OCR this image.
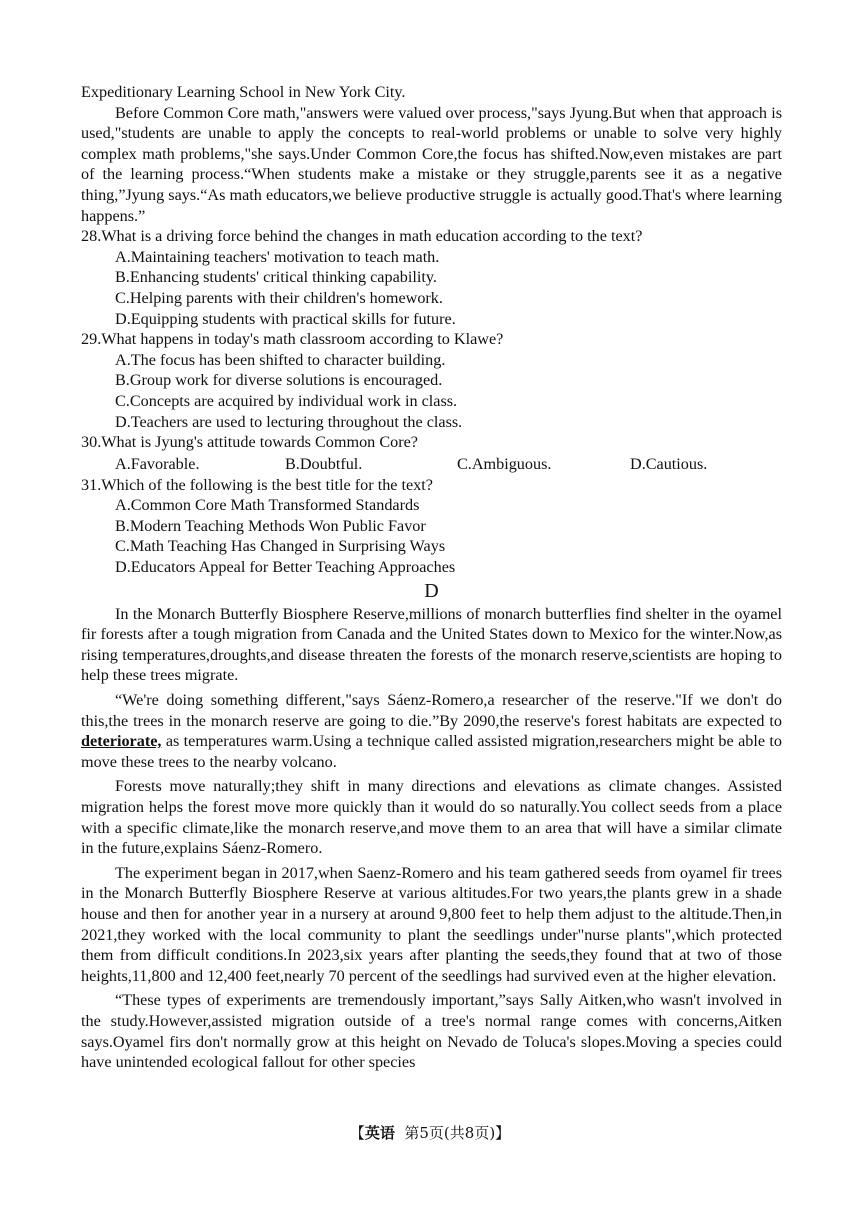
Expeditionary Learning School in New York City.

Before Common Core math,"answers were valued over process,"says Jyung.But when that approach is used,"students are unable to apply the concepts to real-world problems or unable to solve very highly complex math problems,"she says.Under Common Core,the focus has shifted.Now,even mistakes are part of the learning process.“When students make a mistake or they struggle,parents see it as a negative thing,”Jyung says.“As math educators,we believe productive struggle is actually good.That's where learning happens.”

28.What is a driving force behind the changes in math education according to the text?
A.Maintaining teachers' motivation to teach math.
B.Enhancing students' critical thinking capability.
C.Helping parents with their children's homework.
D.Equipping students with practical skills for future.
29.What happens in today's math classroom according to Klawe?
A.The focus has been shifted to character building.
B.Group work for diverse solutions is encouraged.
C.Concepts are acquired by individual work in class.
D.Teachers are used to lecturing throughout the class.
30.What is Jyung's attitude towards Common Core?
A.Favorable.	B.Doubtful.	C.Ambiguous.	D.Cautious.
31.Which of the following is the best title for the text?
A.Common Core Math Transformed Standards
B.Modern Teaching Methods Won Public Favor
C.Math Teaching Has Changed in Surprising Ways
D.Educators Appeal for Better Teaching Approaches
D

In the Monarch Butterfly Biosphere Reserve,millions of monarch butterflies find shelter in the oyamel fir forests after a tough migration from Canada and the United States down to Mexico for the winter.Now,as rising temperatures,droughts,and disease threaten the forests of the monarch reserve,scientists are hoping to help these trees migrate.

“We're doing something different,"says Sáenz-Romero,a researcher of the reserve."If we don't do this,the trees in the monarch reserve are going to die.”By 2090,the reserve's forest habitats are expected to deteriorate, as temperatures warm.Using a technique called assisted migration,researchers might be able to move these trees to the nearby volcano.

Forests move naturally;they shift in many directions and elevations as climate changes. Assisted migration helps the forest move more quickly than it would do so naturally.You collect seeds from a place with a specific climate,like the monarch reserve,and move them to an area that will have a similar climate in the future,explains Sáenz-Romero.

The experiment began in 2017,when Saenz-Romero and his team gathered seeds from oyamel fir trees in the Monarch Butterfly Biosphere Reserve at various altitudes.For two years,the plants grew in a shade house and then for another year in a nursery at around 9,800 feet to help them adjust to the altitude.Then,in 2021,they worked with the local community to plant the seedlings under"nurse plants",which protected them from difficult conditions.In 2023,six years after planting the seeds,they found that at two of those heights,11,800 and 12,400 feet,nearly 70 percent of the seedlings had survived even at the higher elevation.

“These types of experiments are tremendously important,”says Sally Aitken,who wasn't involved in the study.However,assisted migration outside of a tree's normal range comes with concerns,Aitken says.Oyamel firs don't normally grow at this height on Nevado de Toluca's slopes.Moving a species could have unintended ecological fallout for other species

【英语 第5页(共8页)】
